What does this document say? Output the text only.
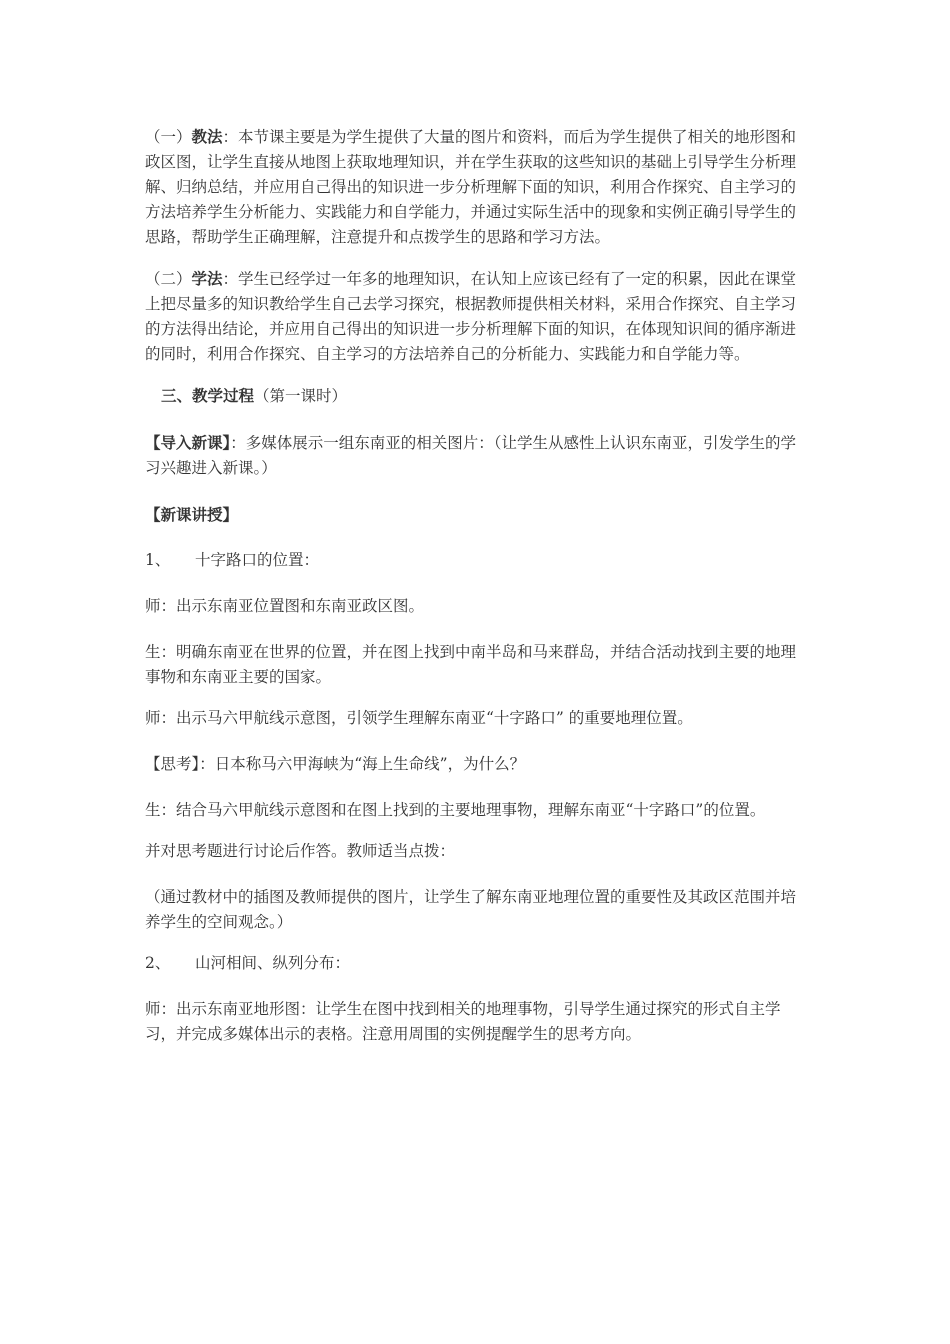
（一）教法：本节课主要是为学生提供了大量的图片和资料，而后为学生提供了相关的地形图和政区图，让学生直接从地图上获取地理知识，并在学生获取的这些知识的基础上引导学生分析理解、归纳总结，并应用自己得出的知识进一步分析理解下面的知识，利用合作探究、自主学习的方法培养学生分析能力、实践能力和自学能力，并通过实际生活中的现象和实例正确引导学生的思路，帮助学生正确理解，注意提升和点拨学生的思路和学习方法。

（二）学法：学生已经学过一年多的地理知识，在认知上应该已经有了一定的积累，因此在课堂上把尽量多的知识教给学生自己去学习探究，根据教师提供相关材料，采用合作探究、自主学习的方法得出结论，并应用自己得出的知识进一步分析理解下面的知识，在体现知识间的循序渐进的同时，利用合作探究、自主学习的方法培养自己的分析能力、实践能力和自学能力等。

三、教学过程（第一课时）

【导入新课】：多媒体展示一组东南亚的相关图片：（让学生从感性上认识东南亚，引发学生的学习兴趣进入新课。）

【新课讲授】

1、 十字路口的位置：

师：出示东南亚位置图和东南亚政区图。

生：明确东南亚在世界的位置，并在图上找到中南半岛和马来群岛，并结合活动找到主要的地理事物和东南亚主要的国家。

师：出示马六甲航线示意图，引领学生理解东南亚“十字路口” 的重要地理位置。

【思考】：日本称马六甲海峡为“海上生命线”，为什么？

生：结合马六甲航线示意图和在图上找到的主要地理事物，理解东南亚“十字路口”的位置。

并对思考题进行讨论后作答。教师适当点拨：

（通过教材中的插图及教师提供的图片，让学生了解东南亚地理位置的重要性及其政区范围并培养学生的空间观念。）

2、 山河相间、纵列分布：

师：出示东南亚地形图：让学生在图中找到相关的地理事物，引导学生通过探究的形式自主学习，并完成多媒体出示的表格。注意用周围的实例提醒学生的思考方向。
